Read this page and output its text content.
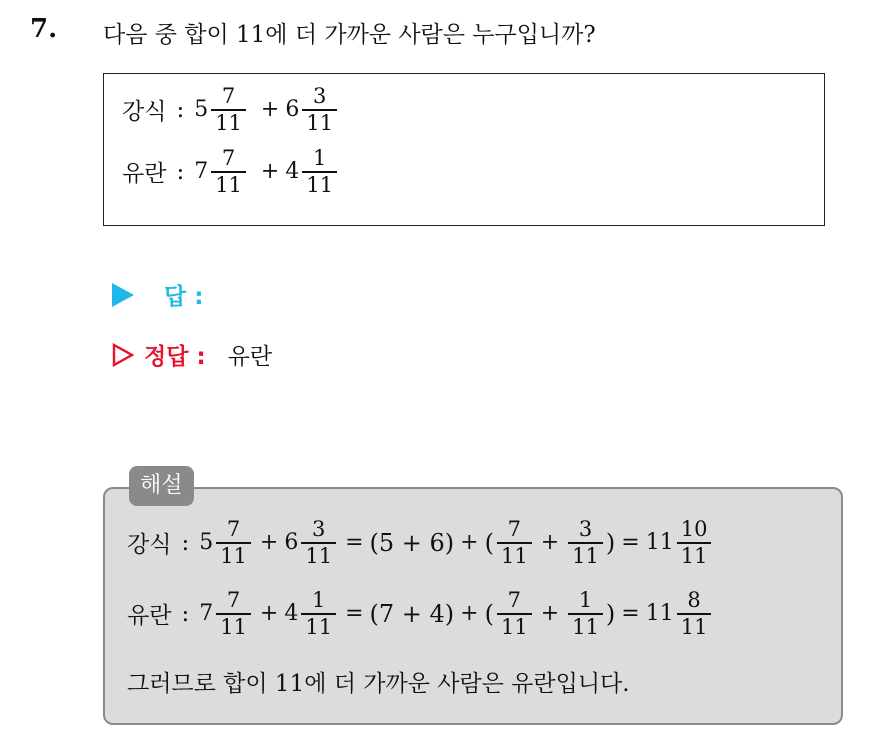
7. 다음 중 합이 11에 더 가까운 사람은 누구입니까?
강식 : $5 \frac{7}{11} + 6 \frac{3}{11}$
유란 : $7 \frac{7}{11} + 4 \frac{1}{11}$
답 :
정답 : 유란
강식 : $5 \frac{7}{11} + 6 \frac{3}{11} = (5 + 6)$ + ( $\frac{7}{11} + \frac{3}{11}$ ) = $11 \frac{10}{11}$
유란 : $7 \frac{7}{11} + 4 \frac{1}{11} = (7 + 4)$ + ( $\frac{7}{11} + \frac{1}{11}$ ) = $11 \frac{8}{11}$
그러므로 합이 11에 더 가까운 사람은 유란입니다.
해설
